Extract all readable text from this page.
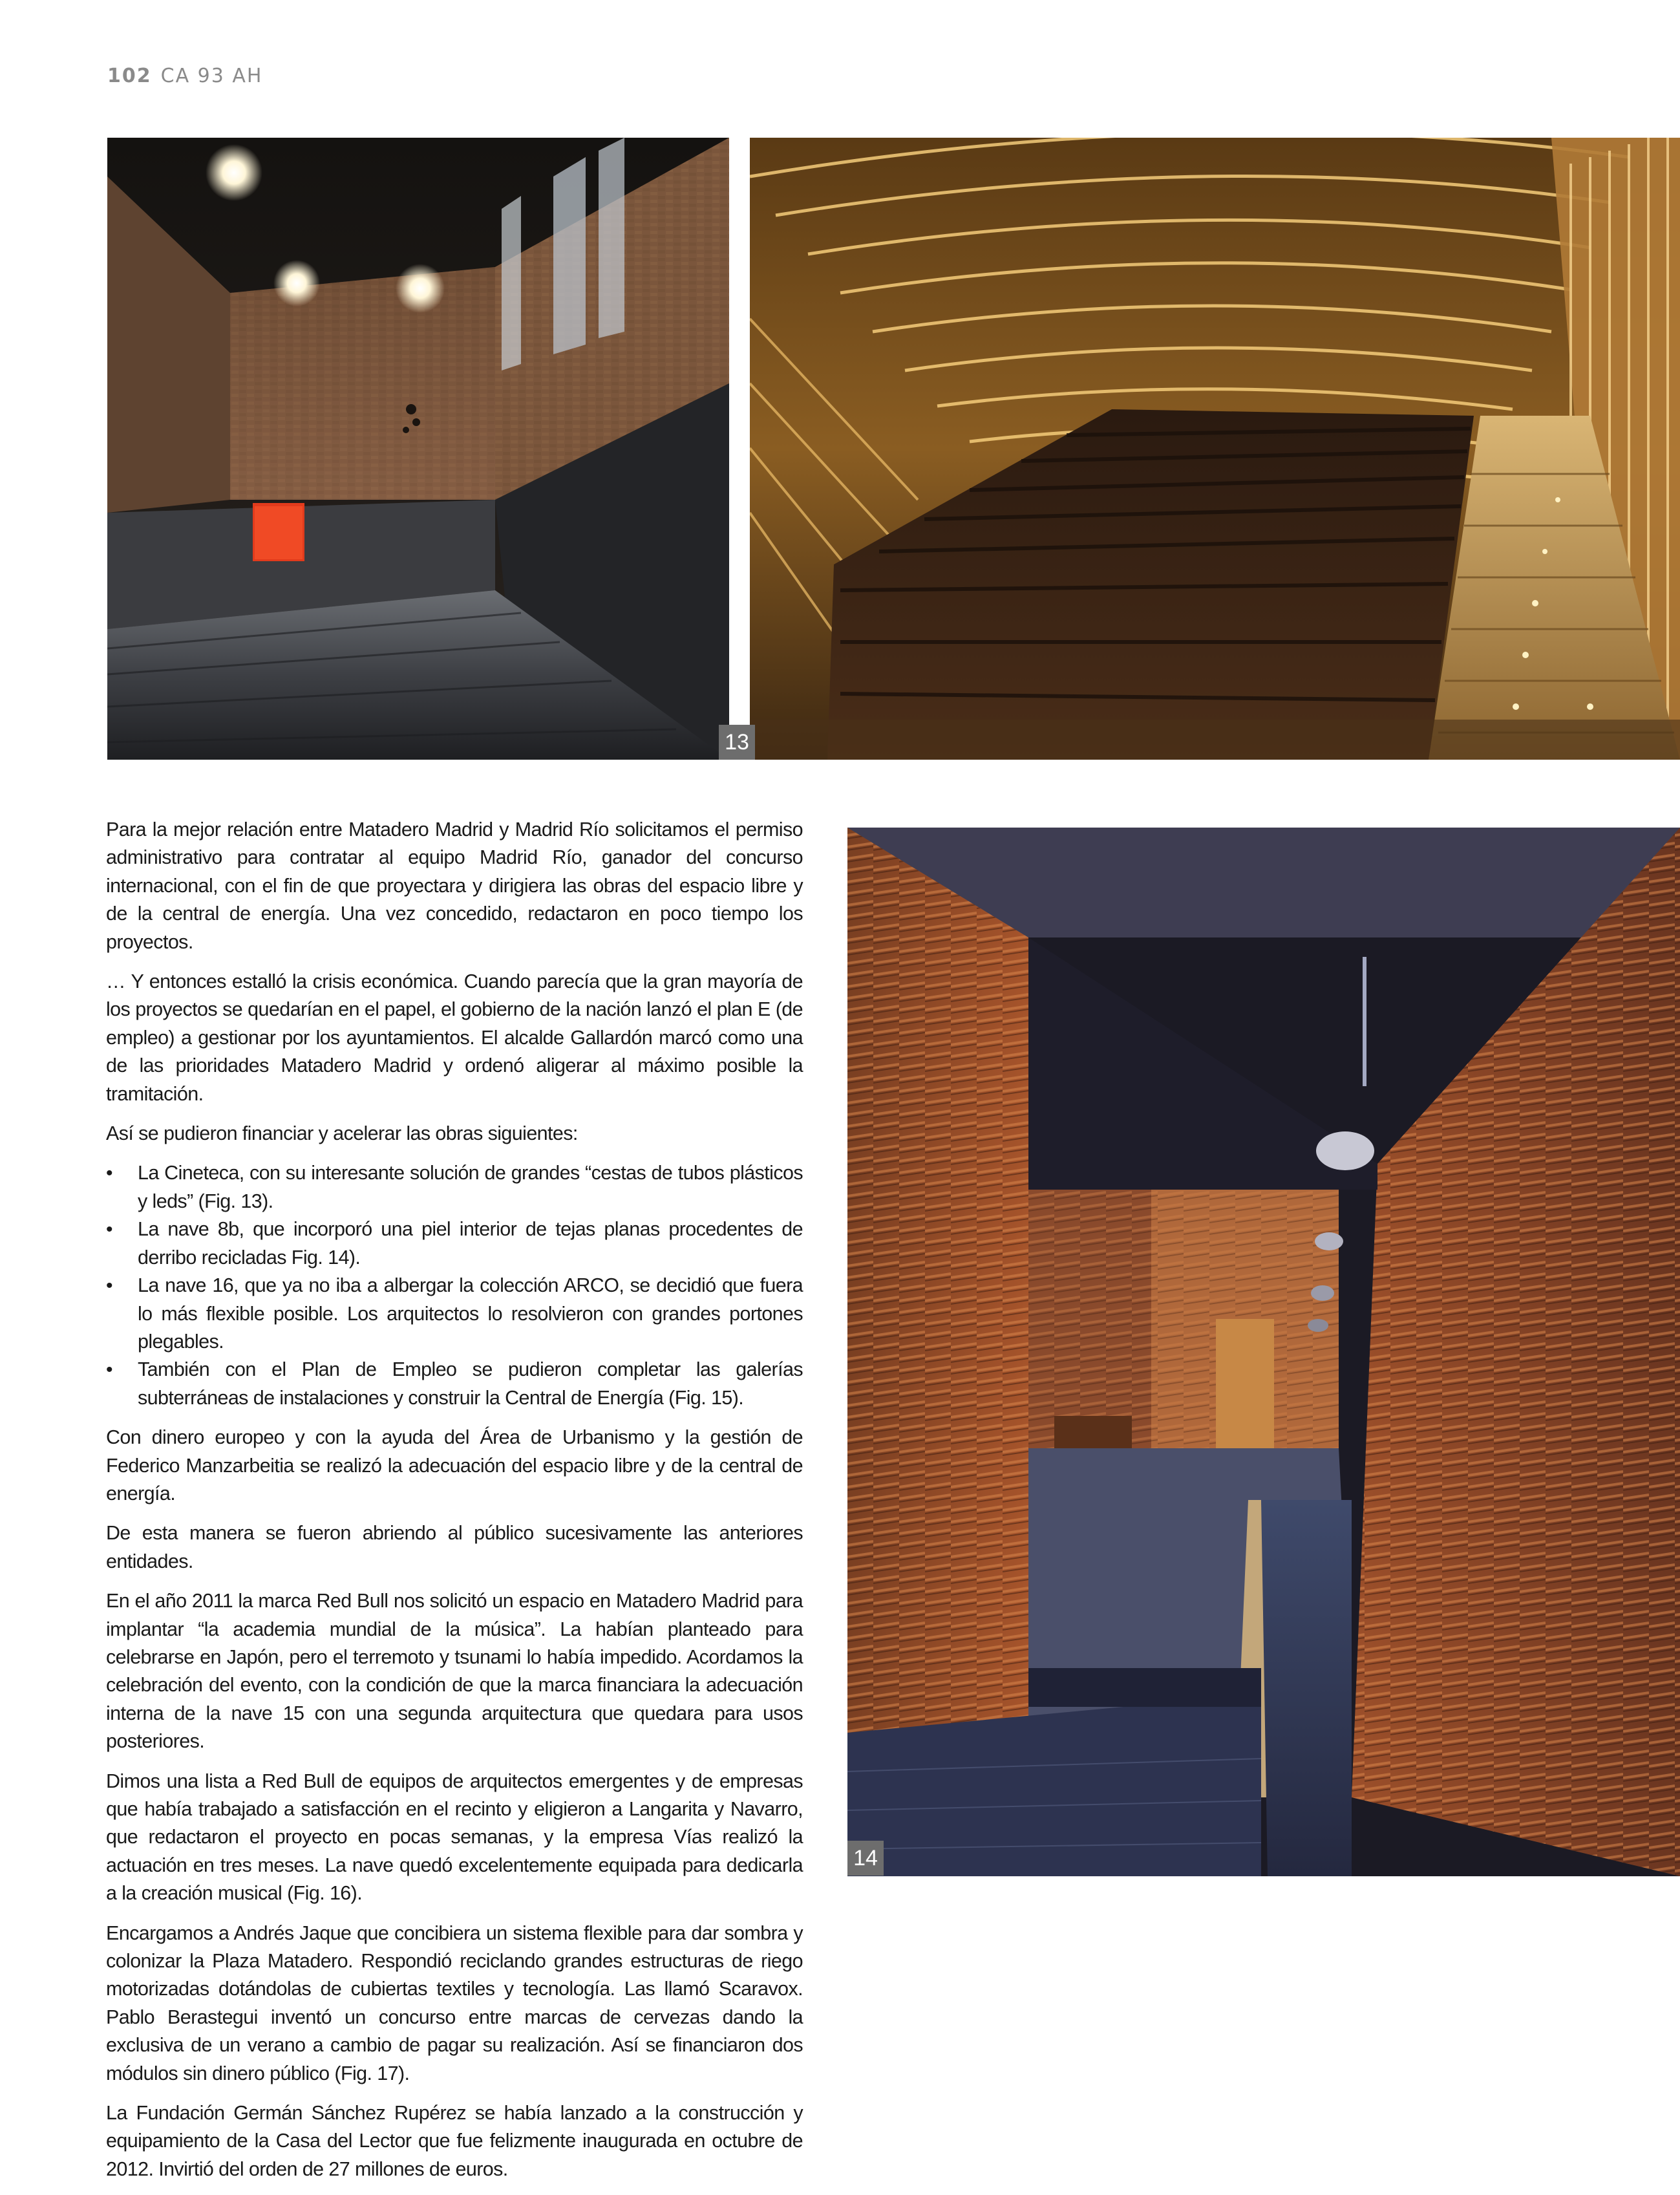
102 CA 93 AH
13
14

Para la mejor relación entre Matadero Madrid y Madrid Río solicitamos el permiso administrativo para contratar al equipo Madrid Río, ganador del concurso internacional, con el fin de que proyectara y dirigiera las obras del espacio libre y de la central de energía. Una vez concedido, redactaron en poco tiempo los proyectos.

… Y entonces estalló la crisis económica. Cuando parecía que la gran mayoría de los proyectos se quedarían en el papel, el gobierno de la nación lanzó el plan E (de empleo) a gestionar por los ayuntamientos. El alcalde Gallardón marcó como una de las prioridades Matadero Madrid y ordenó aligerar al máximo posible la tramitación.

Así se pudieron financiar y acelerar las obras siguientes:

• La Cineteca, con su interesante solución de grandes “cestas de tubos plásticos y leds” (Fig. 13).
• La nave 8b, que incorporó una piel interior de tejas planas procedentes de derribo recicladas Fig. 14).
• La nave 16, que ya no iba a albergar la colección ARCO, se decidió que fuera lo más flexible posible. Los arquitectos lo resolvieron con grandes portones plegables.
• También con el Plan de Empleo se pudieron completar las galerías subterráneas de instalaciones y construir la Central de Energía (Fig. 15).

Con dinero europeo y con la ayuda del Área de Urbanismo y la gestión de Federico Manzarbeitia se realizó la adecuación del espacio libre y de la central de energía.

De esta manera se fueron abriendo al público sucesivamente las anteriores entidades.

En el año 2011 la marca Red Bull nos solicitó un espacio en Matadero Madrid para implantar “la academia mundial de la música”. La habían planteado para celebrarse en Japón, pero el terremoto y tsunami lo había impedido. Acordamos la celebración del evento, con la condición de que la marca financiara la adecuación interna de la nave 15 con una segunda arquitectura que quedara para usos posteriores.

Dimos una lista a Red Bull de equipos de arquitectos emergentes y de empresas que había trabajado a satisfacción en el recinto y eligieron a Langarita y Navarro, que redactaron el proyecto en pocas semanas, y la empresa Vías realizó la actuación en tres meses. La nave quedó excelentemente equipada para dedicarla a la creación musical (Fig. 16).

Encargamos a Andrés Jaque que concibiera un sistema flexible para dar sombra y colonizar la Plaza Matadero. Respondió reciclando grandes estructuras de riego motorizadas dotándolas de cubiertas textiles y tecnología. Las llamó Scaravox. Pablo Berastegui inventó un concurso entre marcas de cervezas dando la exclusiva de un verano a cambio de pagar su realización. Así se financiaron dos módulos sin dinero público (Fig. 17).

La Fundación Germán Sánchez Rupérez se había lanzado a la construcción y equipamiento de la Casa del Lector que fue felizmente inaugurada en octubre de 2012. Invirtió del orden de 27 millones de euros.
